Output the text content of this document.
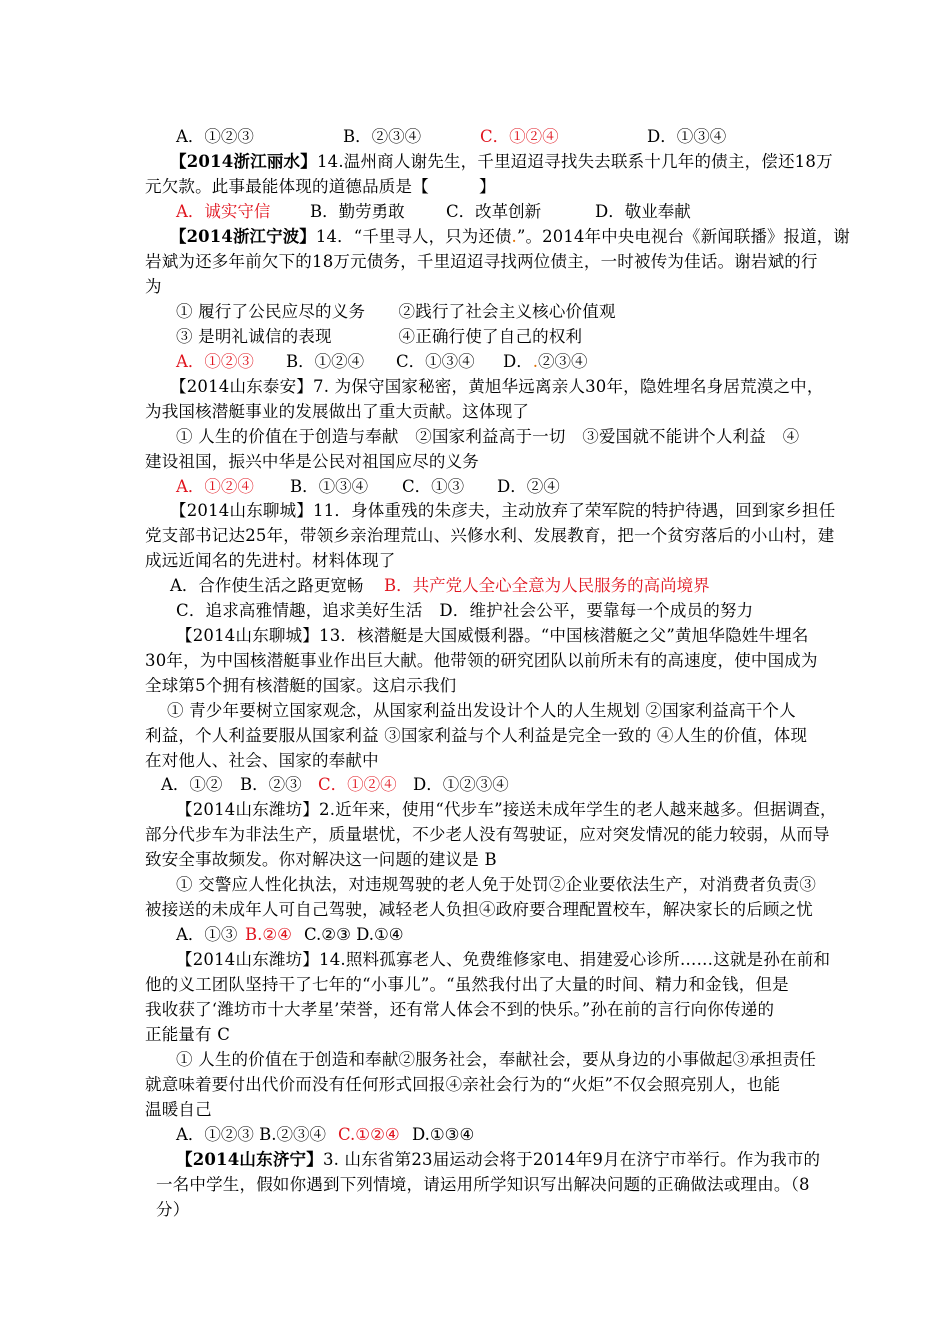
A．①②③	B．②③④	C．①②④	D．①③④
【2014浙江丽水】14.温州商人谢先生，千里迢迢寻找失去联系十几年的债主，偿还18万
元欠款。此事最能体现的道德品质是【　　　】
A．诚实守信 B．勤劳勇敢	C．改革创新	D．敬业奉献
【2014浙江宁波】14．“千里寻人，只为还债.”。2014年中央电视台《新闻联播》报道，谢
岩斌为还多年前欠下的18万元债务，千里迢迢寻找两位债主，一时被传为佳话。谢岩斌的行
为
① 履行了公民应尽的义务　　②践行了社会主义核心价值观
③ 是明礼诚信的表现　　　　④正确行使了自己的权利
A．①②③ B．①②④ C．①③④ D．.②③④
【2014山东泰安】7. 为保守国家秘密，黄旭华远离亲人30年，隐姓埋名身居荒漠之中，
为我国核潜艇事业的发展做出了重大贡献。这体现了
① 人生的价值在于创造与奉献　②国家利益高于一切　③爱国就不能讲个人利益　④
建设祖国，振兴中华是公民对祖国应尽的义务
A．①②④ B．①③④ C．①③ D．②④
【2014山东聊城】11．身体重残的朱彦夫，主动放弃了荣军院的特护待遇，回到家乡担任
党支部书记达25年，带领乡亲治理荒山、兴修水利、发展教育，把一个贫穷落后的小山村，建
成远近闻名的先进村。材料体现了
A．合作使生活之路更宽畅 B．共产党人全心全意为人民服务的高尚境界
C．追求高雅情趣，追求美好生活　D．维护社会公平，要靠每一个成员的努力
【2014山东聊城】13．核潜艇是大国威慑利器。“中国核潜艇之父”黄旭华隐姓牛埋名
30年，为中国核潜艇事业作出巨大献。他带领的研究团队以前所未有的高速度，使中国成为
全球第5个拥有核潜艇的国家。这启示我们
① 青少年要树立国家观念，从国家利益出发设计个人的人生规划 ②国家利益高干个人
利益，个人利益要服从国家利益 ③国家利益与个人利益是完全一致的 ④人生的价值，体现
在对他人、社会、国家的奉献中
A．①② B．②③ C．①②④ D．①②③④
【2014山东潍坊】2.近年来，使用“代步车”接送未成年学生的老人越来越多。但据调查，
部分代步车为非法生产，质量堪忧，不少老人没有驾驶证，应对突发情况的能力较弱，从而导
致安全事故频发。你对解决这一问题的建议是 B
① 交警应人性化执法，对违规驾驶的老人免于处罚②企业要依法生产，对消费者负责③
被接送的未成年人可自己驾驶，减轻老人负担④政府要合理配置校车，解决家长的后顾之忧
A．①③ B.②④ C.②③ D.①④
【2014山东潍坊】14.照料孤寡老人、免费维修家电、捐建爱心诊所……这就是孙在前和
他的义工团队坚持干了七年的“小事儿”。“虽然我付出了大量的时间、精力和金钱，但是
我收获了‘潍坊市十大孝星’荣誉，还有常人体会不到的快乐。”孙在前的言行向你传递的
正能量有 C
① 人生的价值在于创造和奉献②服务社会，奉献社会，要从身边的小事做起③承担责任
就意味着要付出代价而没有任何形式回报④亲社会行为的“火炬”不仅会照亮别人，也能
温暖自己
A．①②③ B.②③④ C.①②④ D.①③④
【2014山东济宁】3. 山东省第23届运动会将于2014年9月在济宁市举行。作为我市的
一名中学生，假如你遇到下列情境，请运用所学知识写出解决问题的正确做法或理由。（8
分）
